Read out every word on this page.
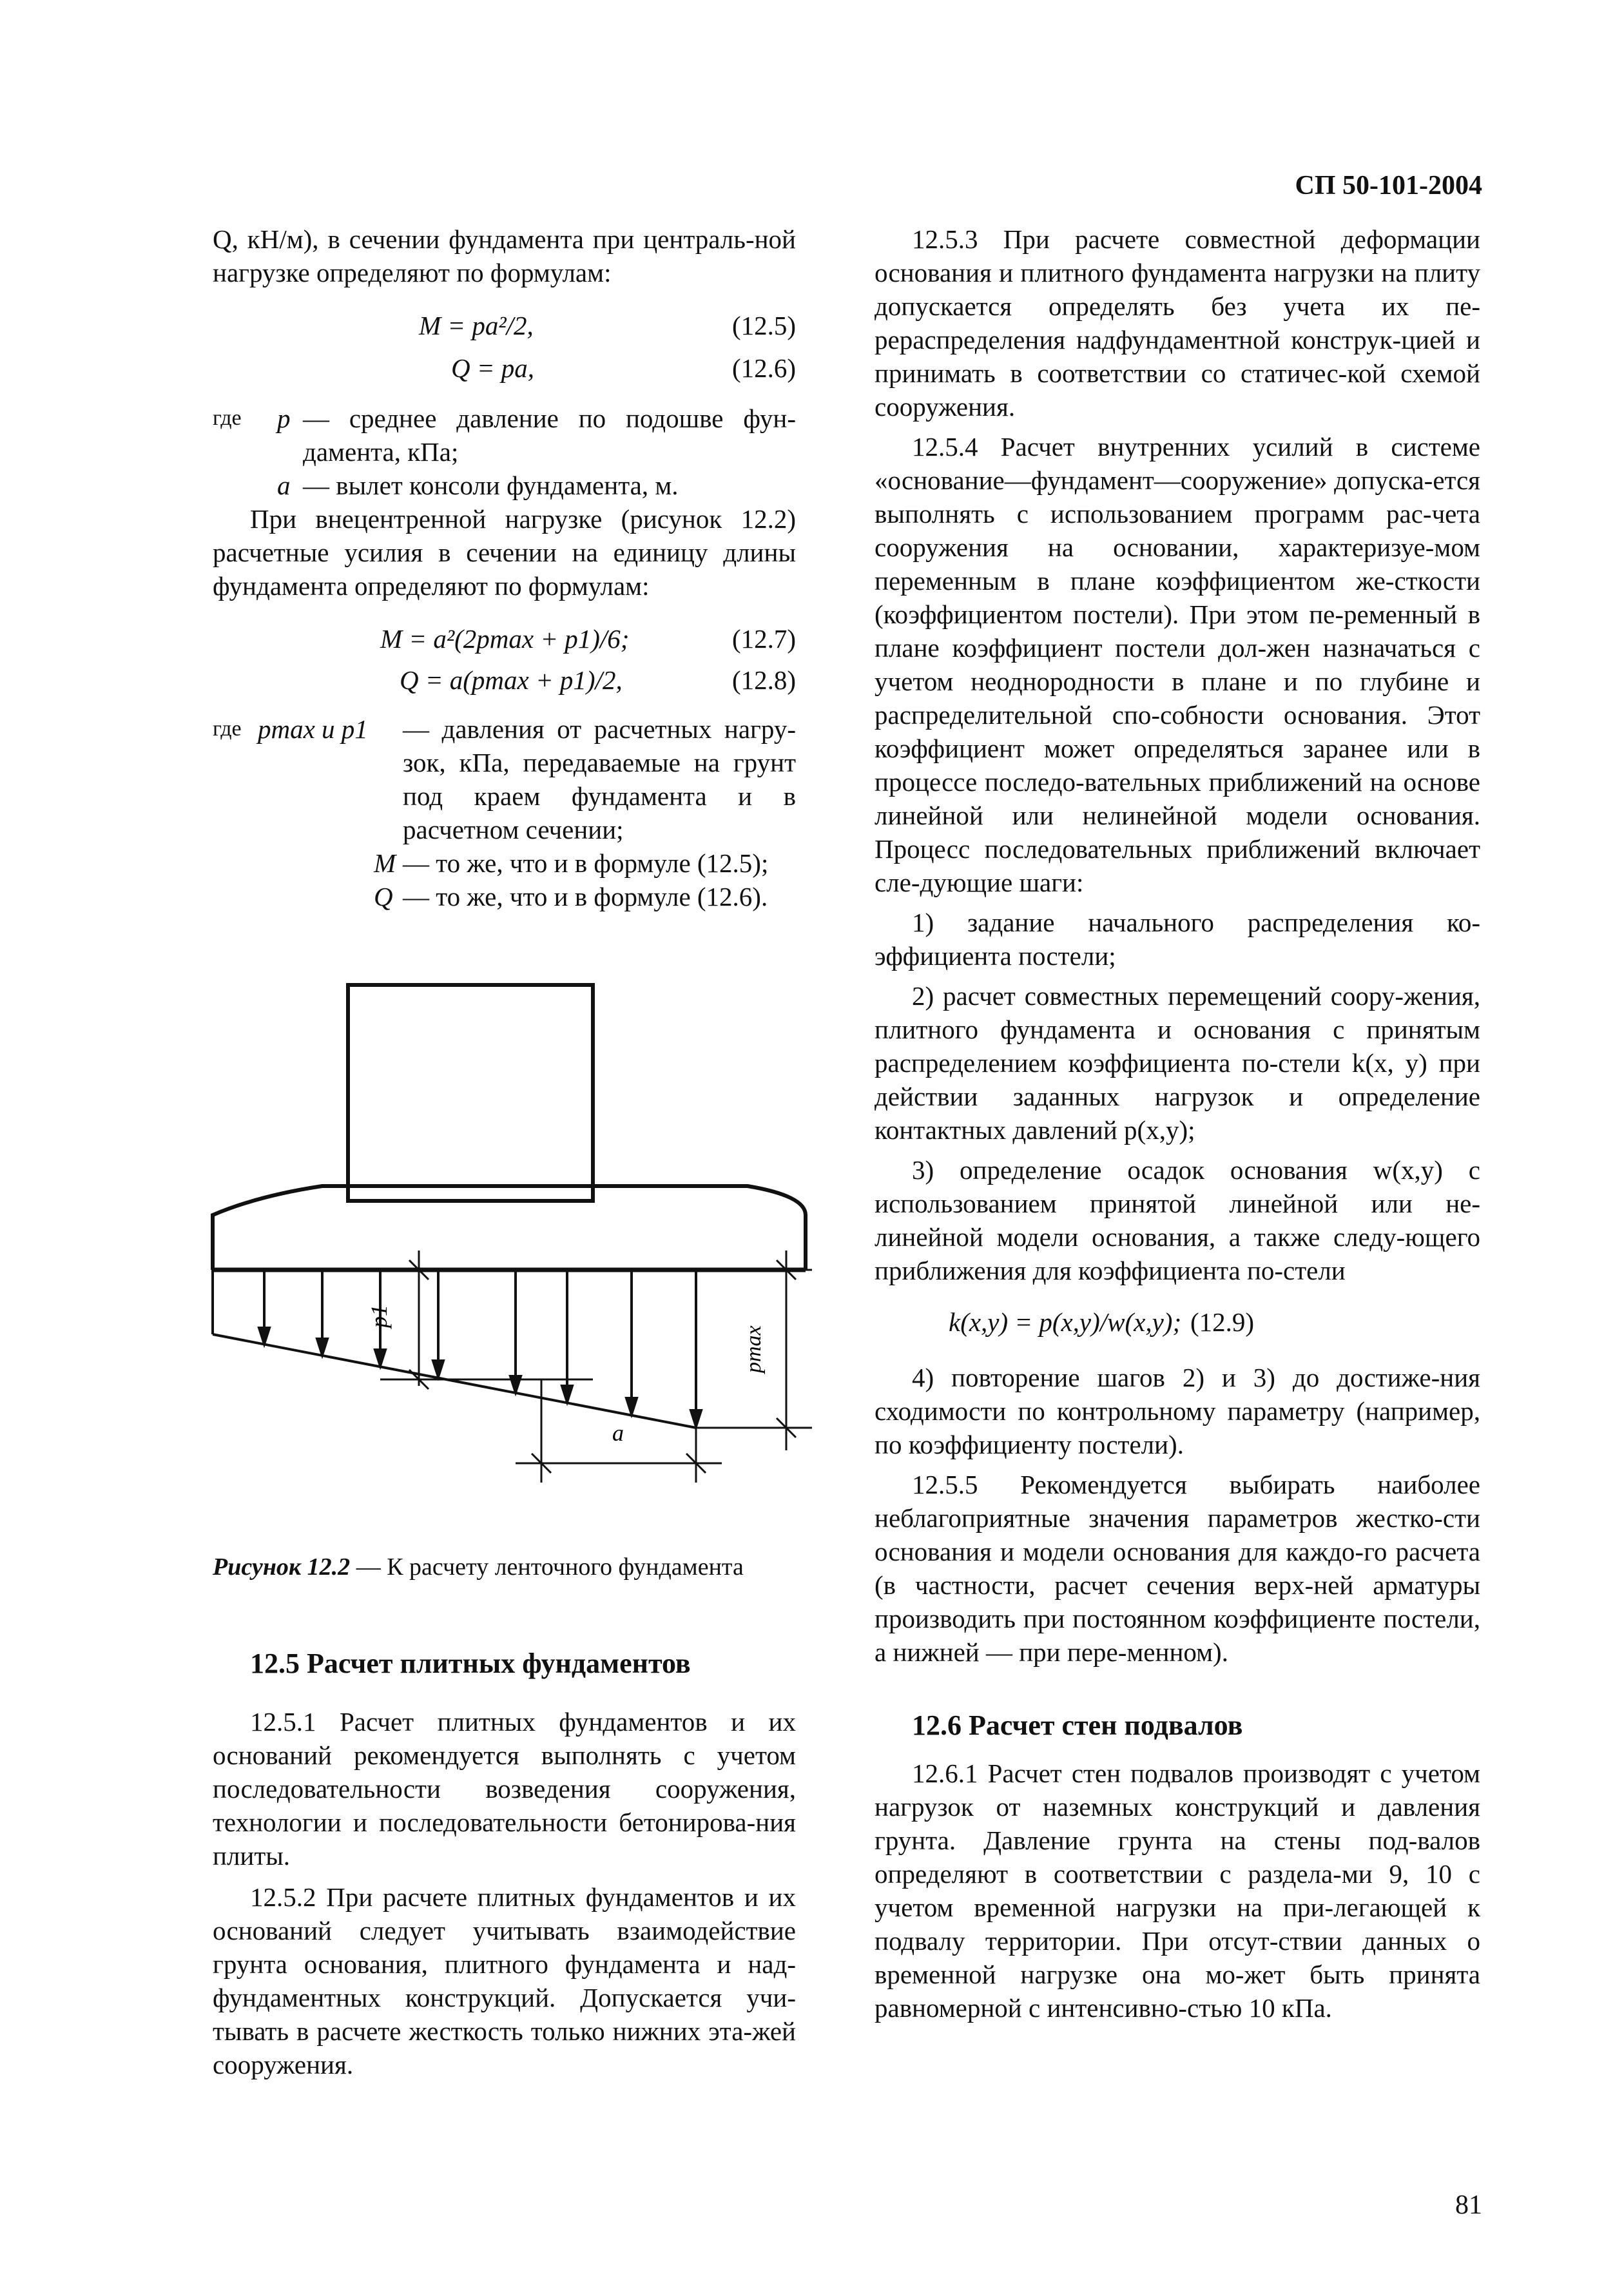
СП 50-101-2004

Q, кН/м), в сечении фундамента при централь-ной нагрузке определяют по формулам:

M = pa²/2,	(12.5)
Q = pa,	(12.6)
где p — среднее давление по подошве фун-дамента, кПа;

a — вылет консоли фундамента, м.

При внецентренной нагрузке (рисунок 12.2) расчетные усилия в сечении на единицу длины фундамента определяют по формулам:

M = a²(2pmax + p1)/6;	(12.7)
Q = a(pmax + p1)/2,	(12.8)
где pmax и p1 — давления от расчетных нагру-зок, кПа, передаваемые на грунт под краем фундамента и в расчетном сечении;

M — то же, что и в формуле (12.5);

Q — то же, что и в формуле (12.6).

p1
pmax
a
Рисунок 12.2 — К расчету ленточного фундамента
12.5 Расчет плитных фундаментов

12.5.1 Расчет плитных фундаментов и их оснований рекомендуется выполнять с учетом последовательности возведения сооружения, технологии и последовательности бетонирова-ния плиты.

12.5.2 При расчете плитных фундаментов и их оснований следует учитывать взаимодействие грунта основания, плитного фундамента и над-фундаментных конструкций. Допускается учи-тывать в расчете жесткость только нижних эта-жей сооружения.

12.5.3 При расчете совместной деформации основания и плитного фундамента нагрузки на плиту допускается определять без учета их пе-рераспределения надфундаментной конструк-цией и принимать в соответствии со статичес-кой схемой сооружения.

12.5.4 Расчет внутренних усилий в системе «основание—фундамент—сооружение» допуска-ется выполнять с использованием программ рас-чета сооружения на основании, характеризуе-мом переменным в плане коэффициентом же-сткости (коэффициентом постели). При этом пе-ременный в плане коэффициент постели дол-жен назначаться с учетом неоднородности в плане и по глубине и распределительной спо-собности основания. Этот коэффициент может определяться заранее или в процессе последо-вательных приближений на основе линейной или нелинейной модели основания. Процесс последовательных приближений включает сле-дующие шаги:

1) задание начального распределения ко-эффициента постели;

2) расчет совместных перемещений соору-жения, плитного фундамента и основания с принятым распределением коэффициента по-стели k(x, y) при действии заданных нагрузок и определение контактных давлений p(x,y);

3) определение осадок основания w(x,y) с использованием принятой линейной или не-линейной модели основания, а также следу-ющего приближения для коэффициента по-стели

k(x,y) = p(x,y)/w(x,y); (12.9)

4) повторение шагов 2) и 3) до достиже-ния сходимости по контрольному параметру (например, по коэффициенту постели).

12.5.5 Рекомендуется выбирать наиболее неблагоприятные значения параметров жестко-сти основания и модели основания для каждо-го расчета (в частности, расчет сечения верх-ней арматуры производить при постоянном коэффициенте постели, а нижней — при пере-менном).

12.6 Расчет стен подвалов

12.6.1 Расчет стен подвалов производят с учетом нагрузок от наземных конструкций и давления грунта. Давление грунта на стены под-валов определяют в соответствии с раздела-ми 9, 10 с учетом временной нагрузки на при-легающей к подвалу территории. При отсут-ствии данных о временной нагрузке она мо-жет быть принята равномерной с интенсивно-стью 10 кПа.

81
